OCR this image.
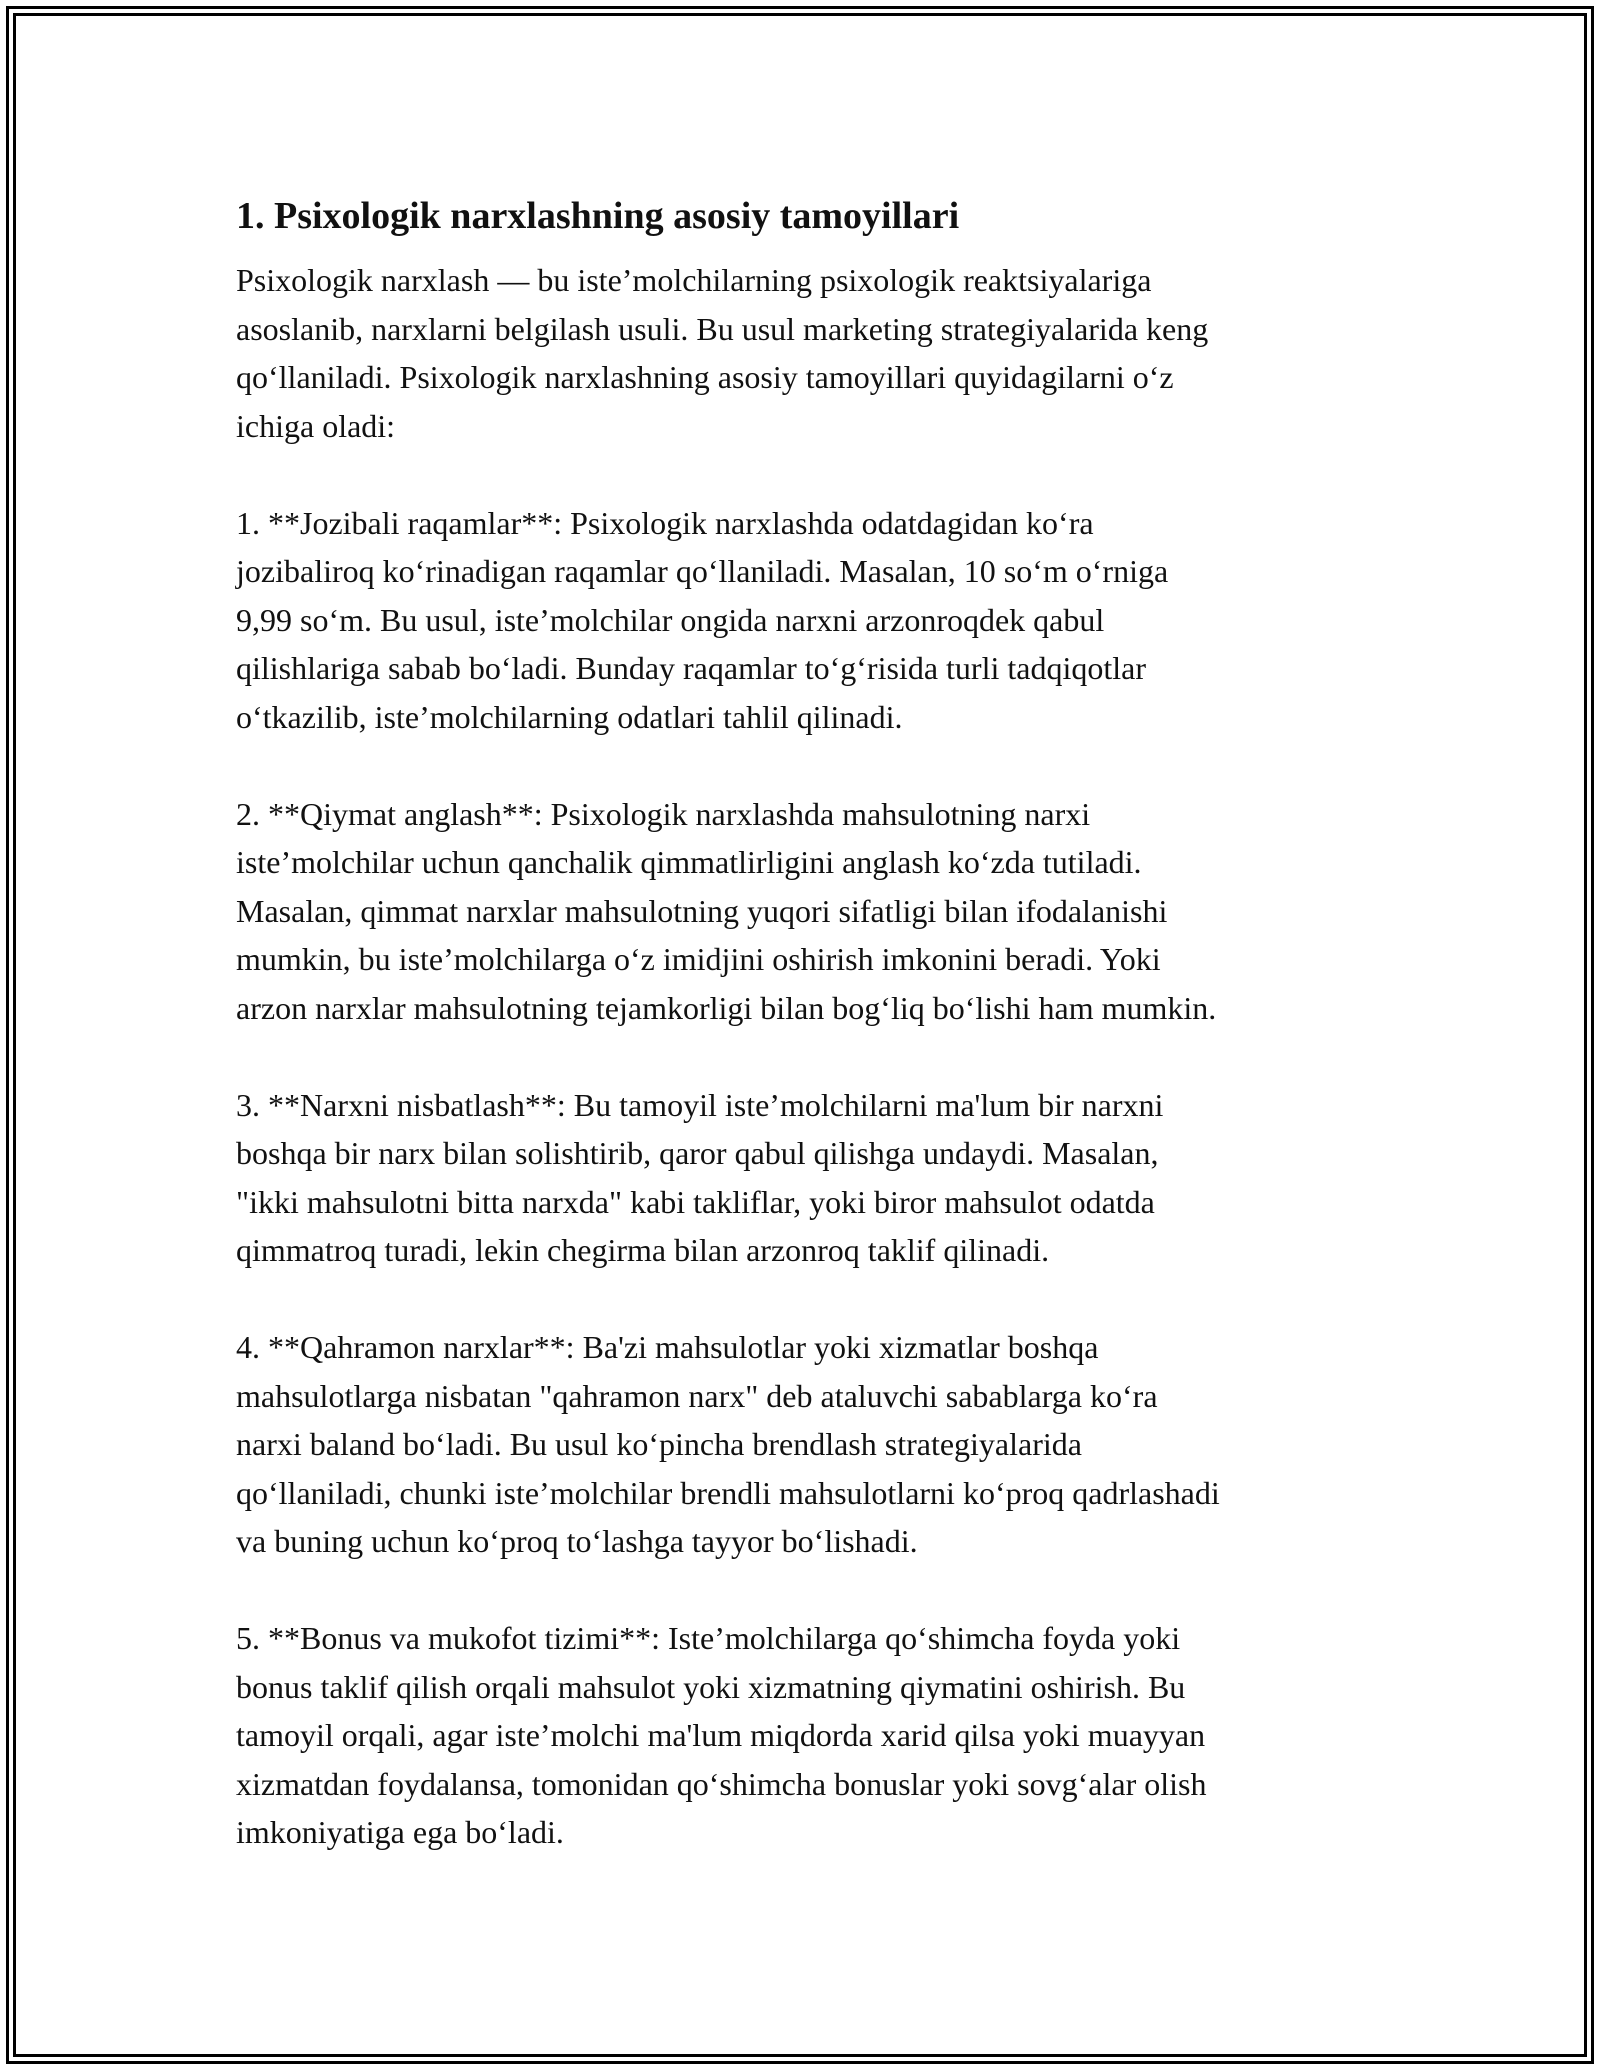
1. Psixologik narxlashning asosiy tamoyillari

Psixologik narxlash — bu iste’molchilarning psixologik reaktsiyalariga
asoslanib, narxlarni belgilash usuli. Bu usul marketing strategiyalarida keng
qo‘llaniladi. Psixologik narxlashning asosiy tamoyillari quyidagilarni o‘z
ichiga oladi:

1. **Jozibali raqamlar**: Psixologik narxlashda odatdagidan ko‘ra
jozibaliroq ko‘rinadigan raqamlar qo‘llaniladi. Masalan, 10 so‘m o‘rniga
9,99 so‘m. Bu usul, iste’molchilar ongida narxni arzonroqdek qabul
qilishlariga sabab bo‘ladi. Bunday raqamlar to‘g‘risida turli tadqiqotlar
o‘tkazilib, iste’molchilarning odatlari tahlil qilinadi.

2. **Qiymat anglash**: Psixologik narxlashda mahsulotning narxi
iste’molchilar uchun qanchalik qimmatlirligini anglash ko‘zda tutiladi.
Masalan, qimmat narxlar mahsulotning yuqori sifatligi bilan ifodalanishi
mumkin, bu iste’molchilarga o‘z imidjini oshirish imkonini beradi. Yoki
arzon narxlar mahsulotning tejamkorligi bilan bog‘liq bo‘lishi ham mumkin.

3. **Narxni nisbatlash**: Bu tamoyil iste’molchilarni ma'lum bir narxni
boshqa bir narx bilan solishtirib, qaror qabul qilishga undaydi. Masalan,
"ikki mahsulotni bitta narxda" kabi takliflar, yoki biror mahsulot odatda
qimmatroq turadi, lekin chegirma bilan arzonroq taklif qilinadi.

4. **Qahramon narxlar**: Ba'zi mahsulotlar yoki xizmatlar boshqa
mahsulotlarga nisbatan "qahramon narx" deb ataluvchi sabablarga ko‘ra
narxi baland bo‘ladi. Bu usul ko‘pincha brendlash strategiyalarida
qo‘llaniladi, chunki iste’molchilar brendli mahsulotlarni ko‘proq qadrlashadi
va buning uchun ko‘proq to‘lashga tayyor bo‘lishadi.

5. **Bonus va mukofot tizimi**: Iste’molchilarga qo‘shimcha foyda yoki
bonus taklif qilish orqali mahsulot yoki xizmatning qiymatini oshirish. Bu
tamoyil orqali, agar iste’molchi ma'lum miqdorda xarid qilsa yoki muayyan
xizmatdan foydalansa, tomonidan qo‘shimcha bonuslar yoki sovg‘alar olish
imkoniyatiga ega bo‘ladi.
